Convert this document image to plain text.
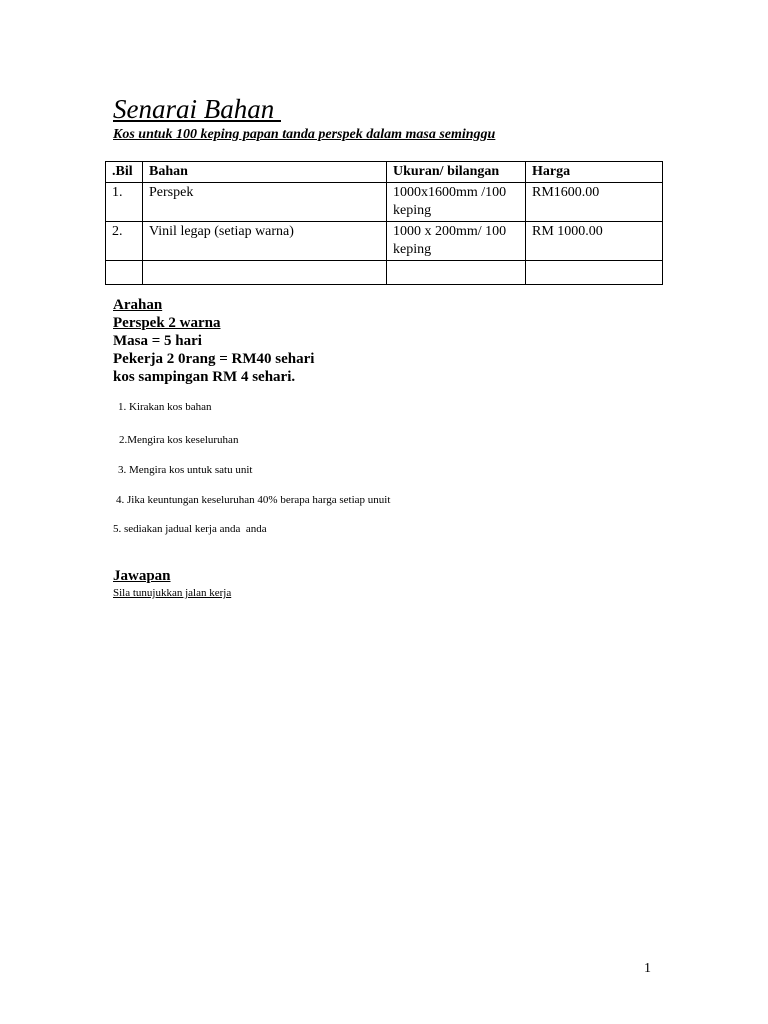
Senarai Bahan
Kos untuk 100 keping papan tanda perspek dalam masa seminggu
.Bil	Bahan	Ukuran/ bilangan	Harga
1.	Perspek	1000x1600mm /100 keping	RM1600.00
2.	Vinil legap (setiap warna)	1000 x 200mm/ 100 keping	RM 1000.00

Arahan
Perspek 2 warna
Masa = 5 hari
Pekerja 2 0rang = RM40 sehari
kos sampingan RM 4 sehari.
1. Kirakan kos bahan
2.Mengira kos keseluruhan
3. Mengira kos untuk satu unit
4. Jika keuntungan keseluruhan 40% berapa harga setiap unuit
5. sediakan jadual kerja anda  anda
Jawapan
Sila tunujukkan jalan kerja
1
